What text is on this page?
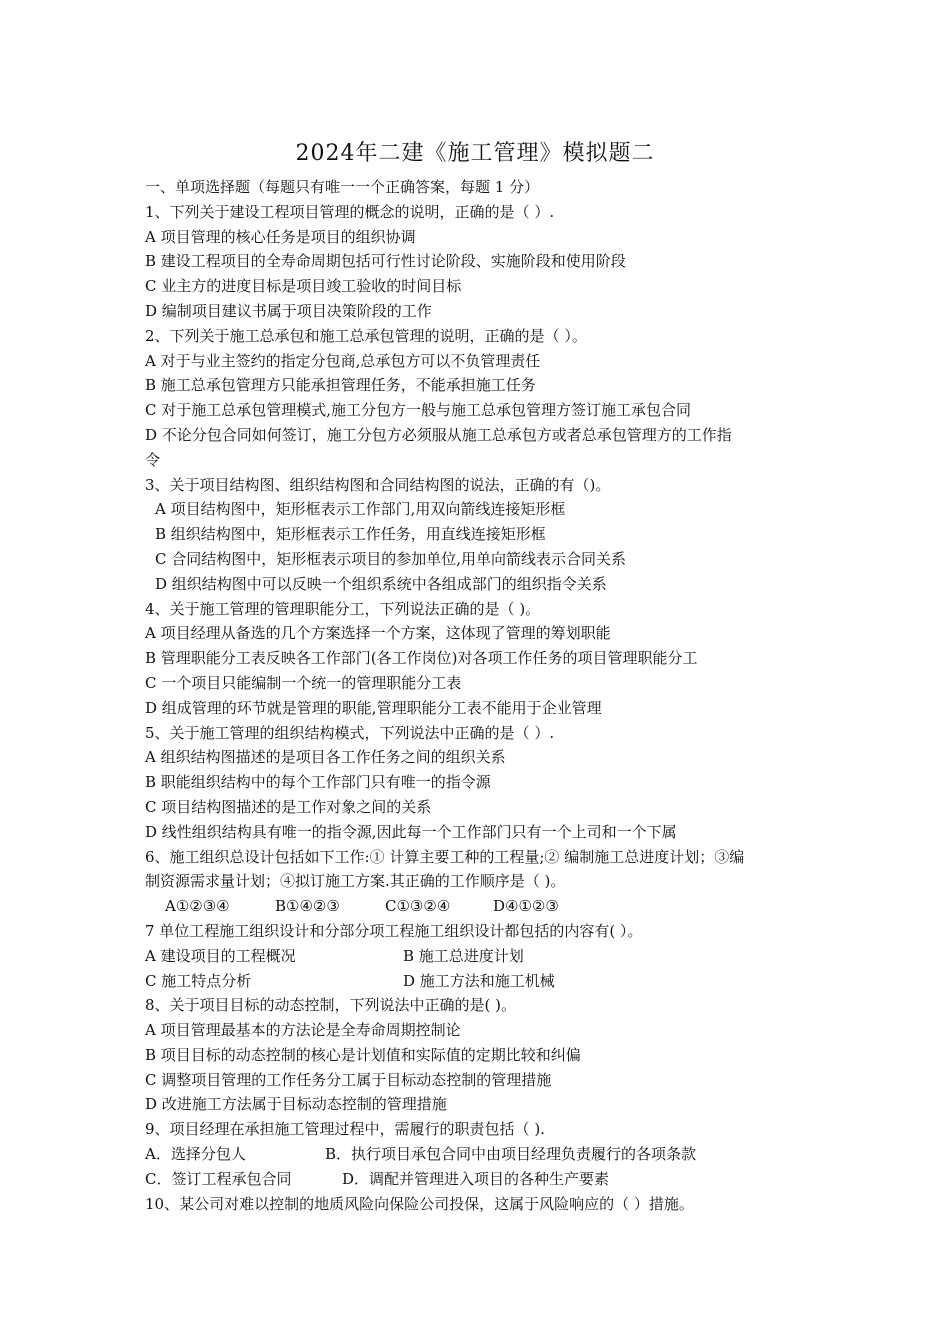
2024年二建《施工管理》模拟题二
一、单项选择题（每题只有唯一一个正确答案，每题 1 分）
1、下列关于建设工程项目管理的概念的说明，正确的是（ ）.
A 项目管理的核心任务是项目的组织协调
B 建设工程项目的全寿命周期包括可行性讨论阶段、实施阶段和使用阶段
C 业主方的进度目标是项目竣工验收的时间目标
D 编制项目建议书属于项目决策阶段的工作
2、下列关于施工总承包和施工总承包管理的说明，正确的是（ ）。
A 对于与业主签约的指定分包商,总承包方可以不负管理责任
B 施工总承包管理方只能承担管理任务，不能承担施工任务
C 对于施工总承包管理模式,施工分包方一般与施工总承包管理方签订施工承包合同
D 不论分包合同如何签订，施工分包方必须服从施工总承包方或者总承包管理方的工作指
令
3、关于项目结构图、组织结构图和合同结构图的说法，正确的有（)。
A 项目结构图中，矩形框表示工作部门,用双向箭线连接矩形框
B 组织结构图中，矩形框表示工作任务，用直线连接矩形框
C 合同结构图中，矩形框表示项目的参加单位,用单向箭线表示合同关系
D 组织结构图中可以反映一个组织系统中各组成部门的组织指令关系
4、关于施工管理的管理职能分工，下列说法正确的是（ )。
A 项目经理从备选的几个方案选择一个方案，这体现了管理的筹划职能
B 管理职能分工表反映各工作部门(各工作岗位)对各项工作任务的项目管理职能分工
C 一个项目只能编制一个统一的管理职能分工表
D 组成管理的环节就是管理的职能,管理职能分工表不能用于企业管理
5、关于施工管理的组织结构模式，下列说法中正确的是（ ）.
A 组织结构图描述的是项目各工作任务之间的组织关系
B 职能组织结构中的每个工作部门只有唯一的指令源
C 项目结构图描述的是工作对象之间的关系
D 线性组织结构具有唯一的指令源,因此每一个工作部门只有一个上司和一个下属
6、施工组织总设计包括如下工作:① 计算主要工种的工程量;② 编制施工总进度计划；③编
制资源需求量计划；④拟订施工方案.其正确的工作顺序是（ )。
A①②③④	B①④②③	C①③②④	D④①②③
7 单位工程施工组织设计和分部分项工程施工组织设计都包括的内容有( ）。
A 建设项目的工程概况	B 施工总进度计划
C 施工特点分析	D 施工方法和施工机械
8、关于项目目标的动态控制，下列说法中正确的是( )。
A 项目管理最基本的方法论是全寿命周期控制论
B 项目目标的动态控制的核心是计划值和实际值的定期比较和纠偏
C 调整项目管理的工作任务分工属于目标动态控制的管理措施
D 改进施工方法属于目标动态控制的管理措施
9、项目经理在承担施工管理过程中，需履行的职责包括（ ).
A．选择分包人	B．执行项目承包合同中由项目经理负责履行的各项条款
C．签订工程承包合同	D．调配并管理进入项目的各种生产要素
10、某公司对难以控制的地质风险向保险公司投保，这属于风险响应的（ ）措施。
